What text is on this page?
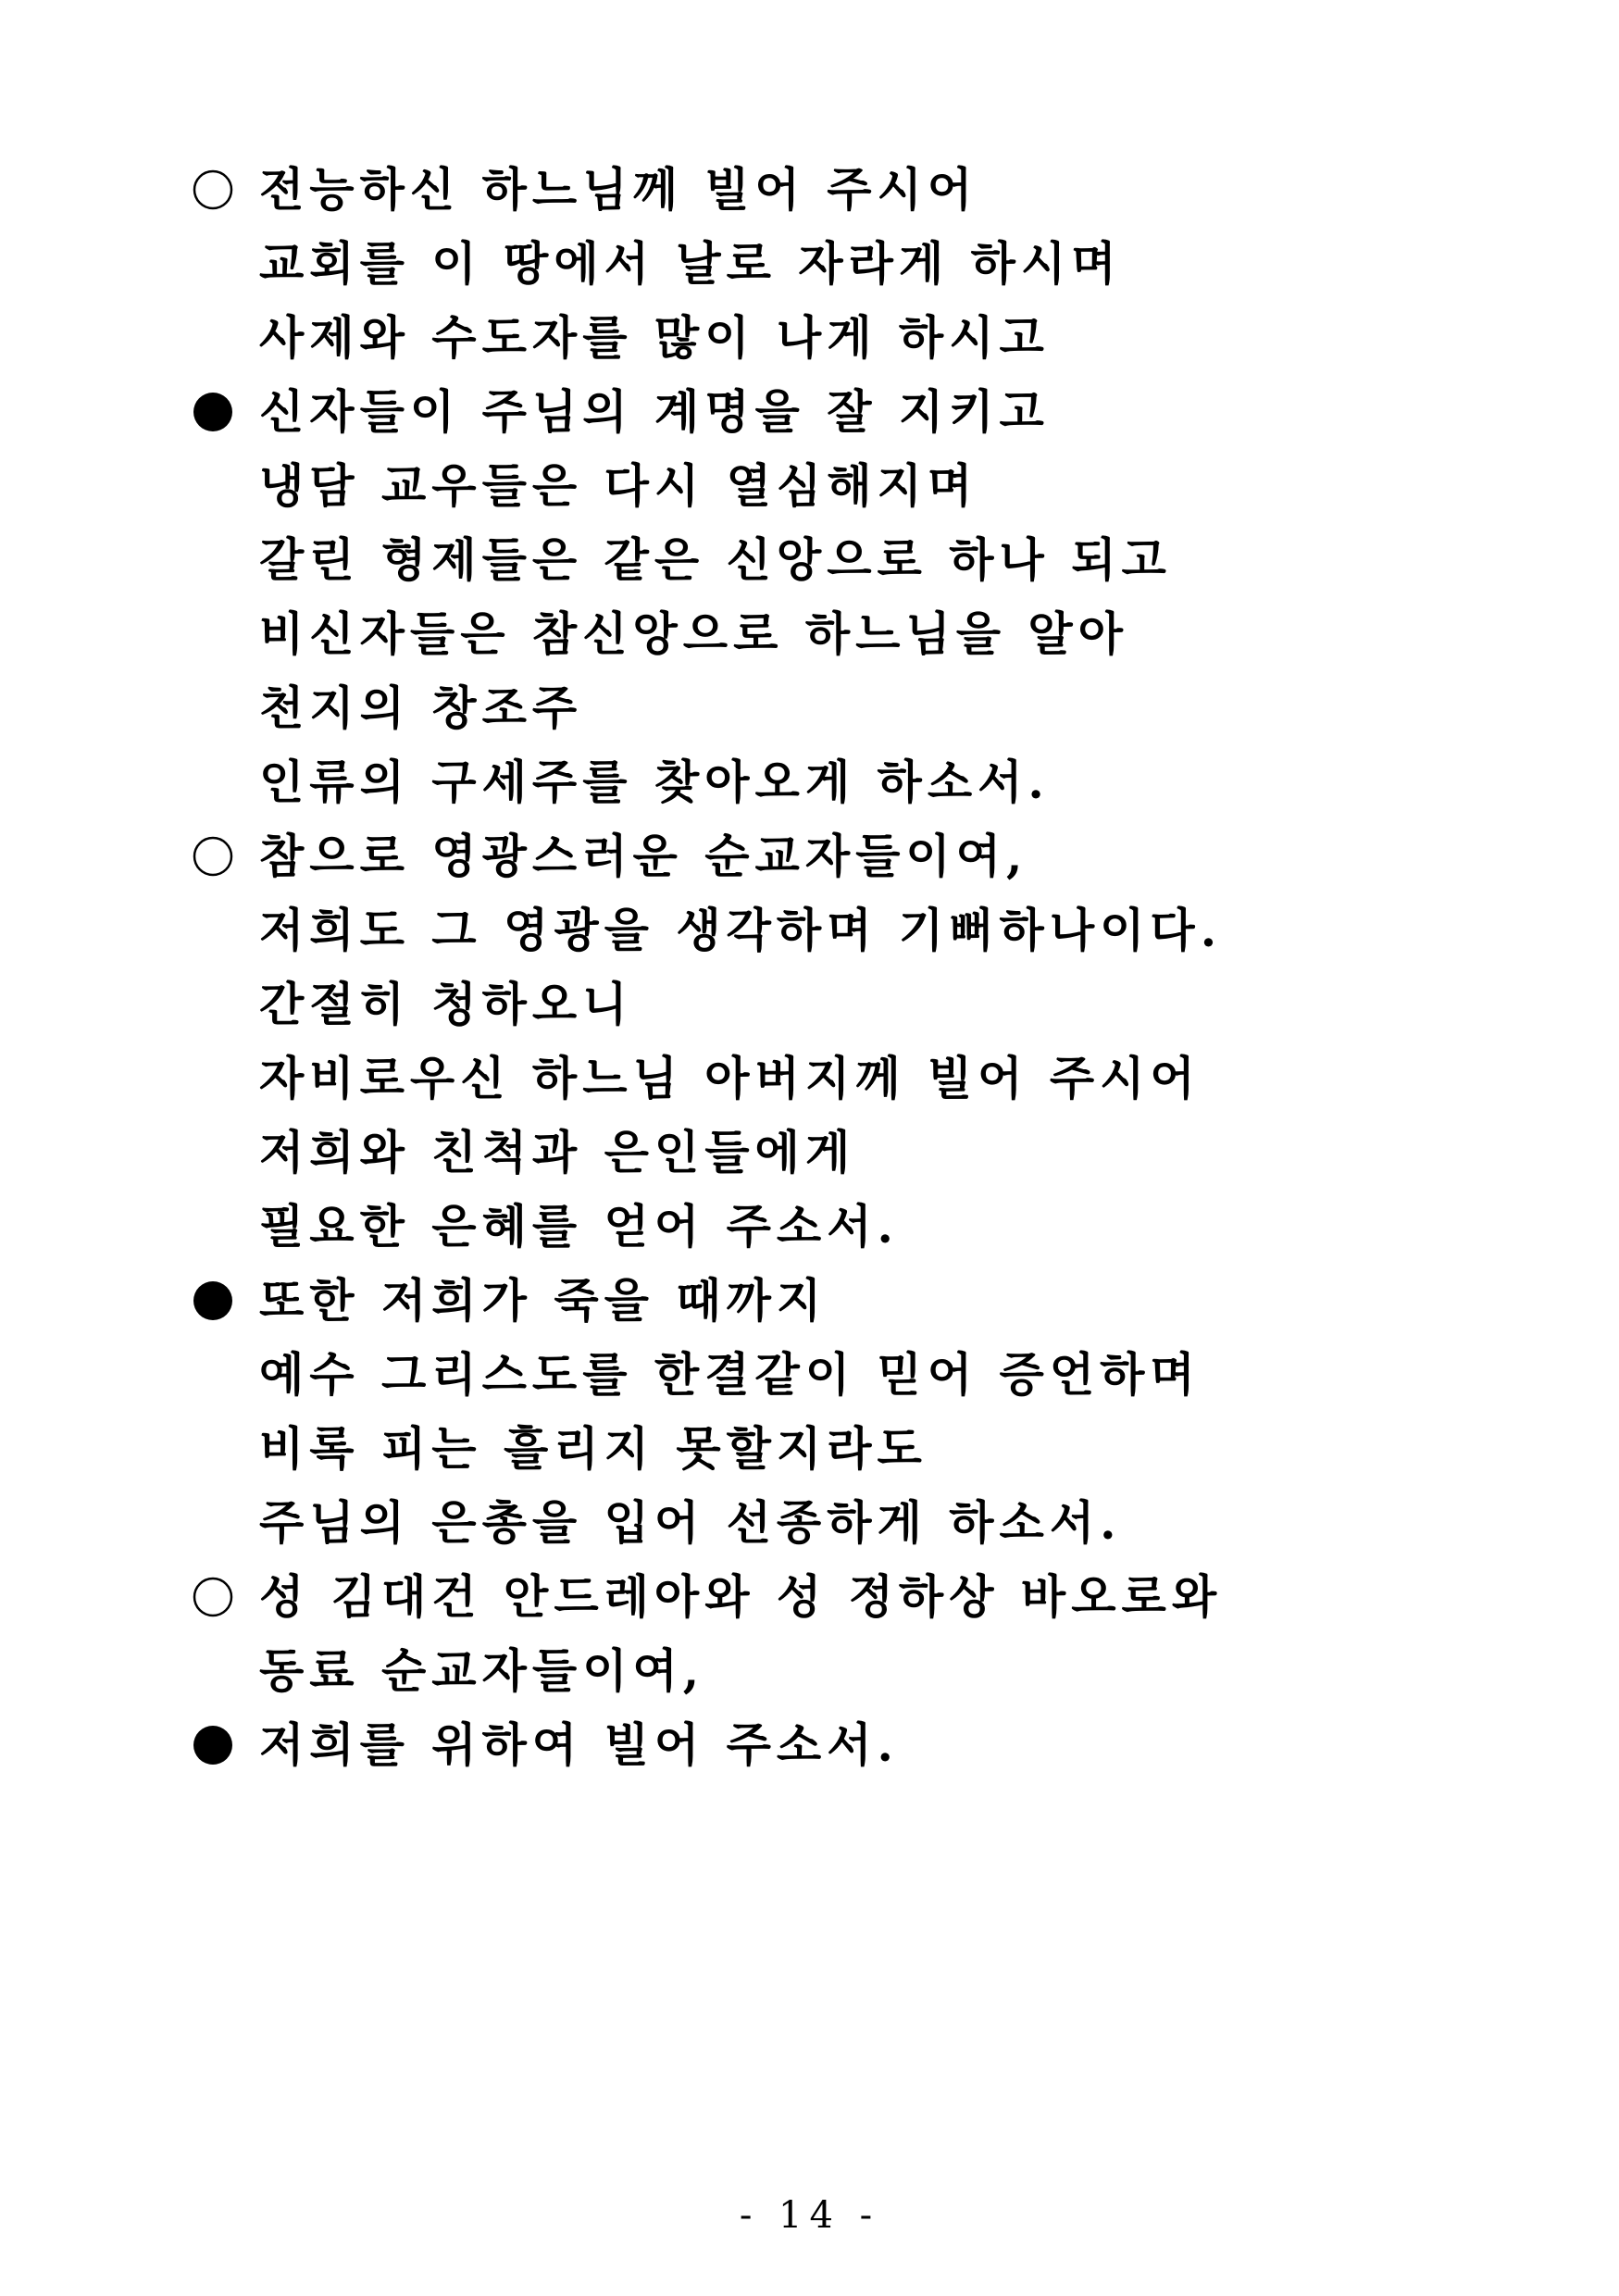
전능하신 하느님께 빌어 주시어
교회를 이 땅에서 날로 자라게 하시며
사제와 수도자를 많이 나게 하시고
신자들이 주님의 계명을 잘 지키고
냉담 교우들은 다시 열심해지며
갈린 형제들은 같은 신앙으로 하나 되고
비신자들은 참신앙으로 하느님을 알아
천지의 창조주
인류의 구세주를 찾아오게 하소서.
참으로 영광스러운 순교자들이여,
저희도 그 영광을 생각하며 기뻐하나이다.
간절히 청하오니
자비로우신 하느님 아버지께 빌어 주시어
저희와 친척과 은인들에게
필요한 은혜를 얻어 주소서.
또한 저희가 죽을 때까지
예수 그리스도를 한결같이 믿어 증언하며
비록 피는 흘리지 못할지라도
주님의 은총을 입어 선종하게 하소서.
성 김대건 안드레아와 성 정하상 바오로와
동료 순교자들이여,
저희를 위하여 빌어 주소서.
- 14 -
